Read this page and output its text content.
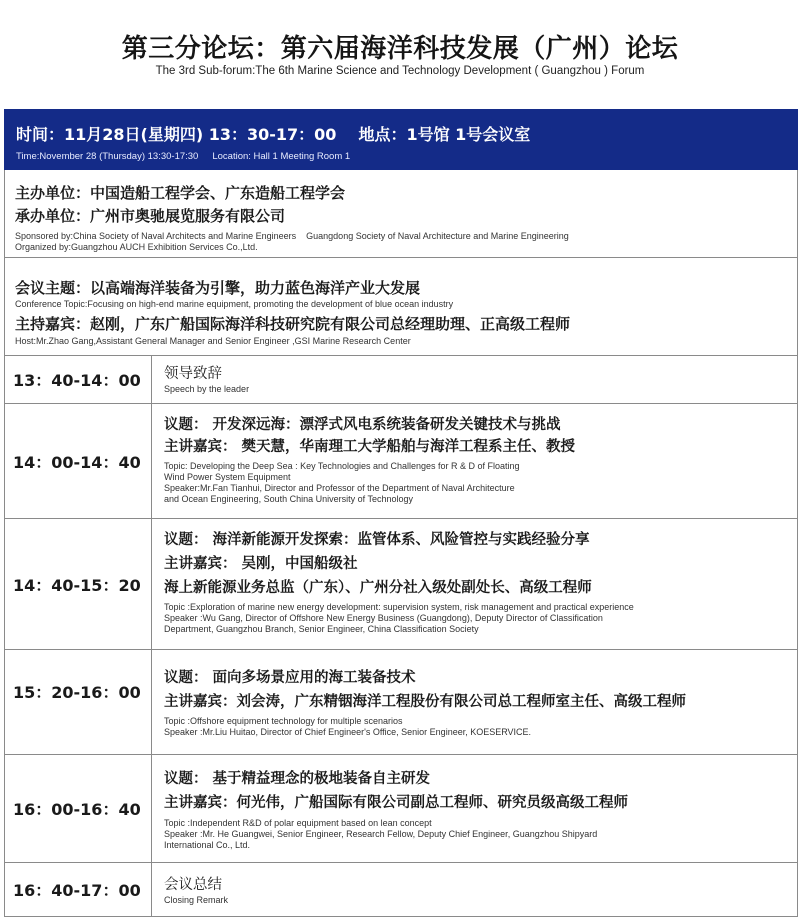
第三分论坛：第六届海洋科技发展（广州）论坛
The 3rd Sub-forum:The 6th Marine Science and Technology Development ( Guangzhou ) Forum
时间：11月28日(星期四) 13：30-17：00 地点：1号馆 1号会议室
Time:November 28 (Thursday) 13:30-17:30 Location: Hall 1 Meeting Room 1
主办单位：中国造船工程学会、广东造船工程学会
承办单位：广州市奥驰展览服务有限公司
Sponsored by:China Society of Naval Architects and Marine Engineers    Guangdong Society of Naval Architecture and Marine Engineering
Organized by:Guangzhou AUCH Exhibition Services Co.,Ltd.
会议主题：以高端海洋装备为引擎，助力蓝色海洋产业大发展
Conference Topic:Focusing on high-end marine equipment, promoting the development of blue ocean industry
主持嘉宾：赵刚，广东广船国际海洋科技研究院有限公司总经理助理、正高级工程师
Host:Mr.Zhao Gang,Assistant General Manager and Senior Engineer ,GSI Marine Research Center
13：40-14：00	领导致辞
Speech by the leader
14：00-14：40
议题： 开发深远海：漂浮式风电系统装备研发关键技术与挑战
主讲嘉宾： 樊天慧，华南理工大学船舶与海洋工程系主任、教授
Topic: Developing the Deep Sea : Key Technologies and Challenges for R & D of Floating
Wind Power System Equipment
Speaker:Mr.Fan Tianhui, Director and Professor of the Department of Naval Architecture
and Ocean Engineering, South China University of Technology
14：40-15：20
议题： 海洋新能源开发探索：监管体系、风险管控与实践经验分享
主讲嘉宾： 吴刚，中国船级社
海上新能源业务总监（广东）、广州分社入级处副处长、高级工程师
Topic :Exploration of marine new energy development: supervision system, risk management and practical experience
Speaker :Wu Gang, Director of Offshore New Energy Business (Guangdong), Deputy Director of Classification
Department, Guangzhou Branch, Senior Engineer, China Classification Society
15：20-16：00
议题： 面向多场景应用的海工装备技术
主讲嘉宾：刘会涛，广东精铟海洋工程股份有限公司总工程师室主任、高级工程师
Topic :Offshore equipment technology for multiple scenarios
Speaker :Mr.Liu Huitao, Director of Chief Engineer's Office, Senior Engineer, KOESERVICE.
16：00-16：40
议题： 基于精益理念的极地装备自主研发
主讲嘉宾：何光伟，广船国际有限公司副总工程师、研究员级高级工程师
Topic :Independent R&D of polar equipment based on lean concept
Speaker :Mr. He Guangwei, Senior Engineer, Research Fellow, Deputy Chief Engineer, Guangzhou Shipyard
International Co., Ltd.
16：40-17：00	会议总结
Closing Remark
